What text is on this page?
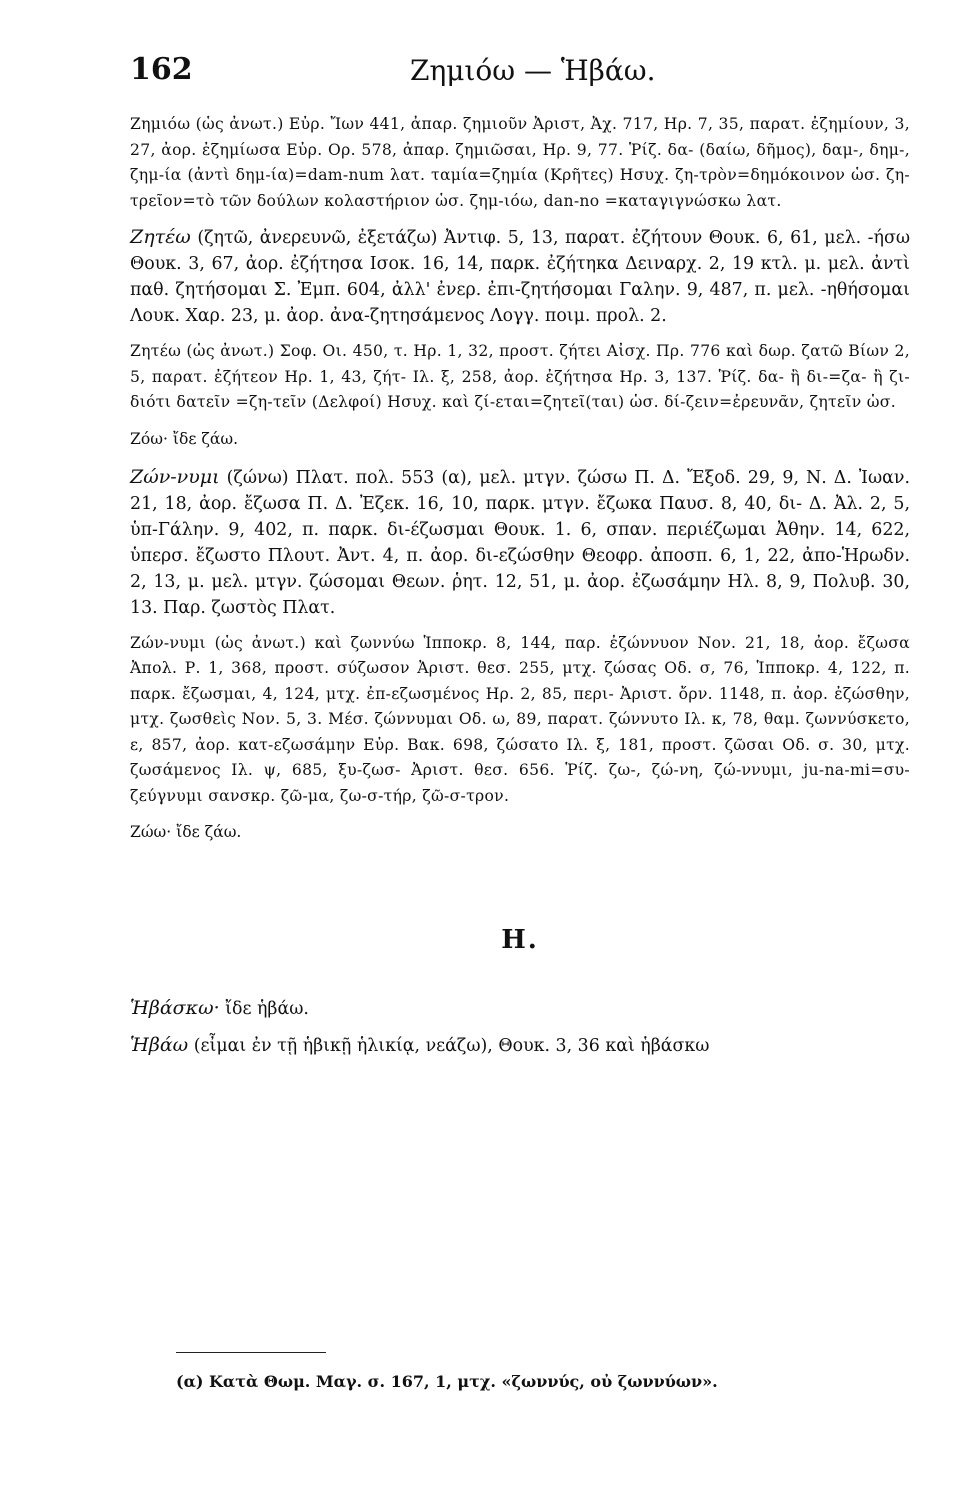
162	Ζημιόω — Ἡβάω.

Ζημιόω (ὡς ἀνωτ.) Εὐρ. Ἴων 441, ἀπαρ. ζημιοῦν Ἀριστ, Ἀχ. 717, Ηρ. 7, 35, παρατ. ἐζημίουν, 3, 27, ἀορ. ἐζημίωσα Εὐρ. Ορ. 578, ἀπαρ. ζημιῶσαι, Ηρ. 9, 77. Ῥίζ. δα- (δαίω, δῆμος), δαμ-, δημ-, ζημ-ία (ἀντὶ δημ-ία)=dam-num λατ. ταμία=ζημία (Κρῆτες) Ησυχ. ζη-τρὸν=δημόκοινον ὡσ. ζη-τρεῖον=τὸ τῶν δούλων κολαστήριον ὡσ. ζημ-ιόω, dan-no =καταγιγνώσκω λατ.

Ζητέω (ζητῶ, ἀνερευνῶ, ἐξετάζω) Ἀντιφ. 5, 13, παρατ. ἐζήτουν Θουκ. 6, 61, μελ. -ήσω Θουκ. 3, 67, ἀορ. ἐζήτησα Ισοκ. 16, 14, παρκ. ἐζήτηκα Δειναρχ. 2, 19 κτλ. μ. μελ. ἀντὶ παθ. ζητήσομαι Σ. Ἐμπ. 604, ἀλλ' ἐνερ. ἐπι-ζητήσομαι Γαλην. 9, 487, π. μελ. -ηθήσομαι Λουκ. Χαρ. 23, μ. ἀορ. ἀνα-ζητησάμενος Λογγ. ποιμ. προλ. 2.

Ζητέω (ὡς ἀνωτ.) Σοφ. Οι. 450, τ. Ηρ. 1, 32, προστ. ζήτει Αἰσχ. Πρ. 776 καὶ δωρ. ζατῶ Βίων 2, 5, παρατ. ἐζήτεον Ηρ. 1, 43, ζήτ- Ιλ. ξ, 258, ἀορ. ἐζήτησα Ηρ. 3, 137. Ῥίζ. δα- ἢ δι-=ζα- ἢ ζι- διότι δατεῖν =ζη-τεῖν (Δελφοί) Ησυχ. καὶ ζί-εται=ζητεῖ(ται) ὡσ. δί-ζειν=ἐρευνᾶν, ζητεῖν ὡσ.

Ζόω· ἴδε ζάω.

Ζών-νυμι (ζώνω) Πλατ. πολ. 553 (α), μελ. μτγν. ζώσω Π. Δ. Ἔξοδ. 29, 9, Ν. Δ. Ἰωαν. 21, 18, ἀορ. ἔζωσα Π. Δ. Ἐζεκ. 16, 10, παρκ. μτγν. ἔζωκα Παυσ. 8, 40, δι- Δ. Ἀλ. 2, 5, ὑπ-Γάλην. 9, 402, π. παρκ. δι-έζωσμαι Θουκ. 1. 6, σπαν. περιέζωμαι Ἀθην. 14, 622, ὑπερσ. ἔζωστο Πλουτ. Ἀντ. 4, π. ἀορ. δι-εζώσθην Θεοφρ. ἀποσπ. 6, 1, 22, ἀπο-Ἡρωδν. 2, 13, μ. μελ. μτγν. ζώσομαι Θεων. ῥητ. 12, 51, μ. ἀορ. ἐζωσάμην Ηλ. 8, 9, Πολυβ. 30, 13. Παρ. ζωστὸς Πλατ.

Ζών-νυμι (ὡς ἀνωτ.) καὶ ζωννύω Ἱπποκρ. 8, 144, παρ. ἐζώννυον Νον. 21, 18, ἀορ. ἔζωσα Ἀπολ. Ρ. 1, 368, προστ. σύζωσον Ἀριστ. θεσ. 255, μτχ. ζώσας Οδ. σ, 76, Ἱπποκρ. 4, 122, π. παρκ. ἔζωσμαι, 4, 124, μτχ. ἐπ-εζωσμένος Ηρ. 2, 85, περι- Ἀριστ. ὄρν. 1148, π. ἀορ. ἐζώσθην, μτχ. ζωσθεὶς Νον. 5, 3. Μέσ. ζώννυμαι Οδ. ω, 89, παρατ. ζώννυτο Ιλ. κ, 78, θαμ. ζωννύσκετο, ε, 857, ἀορ. κατ-εζωσάμην Εὐρ. Βακ. 698, ζώσατο Ιλ. ξ, 181, προστ. ζῶσαι Οδ. σ. 30, μτχ. ζωσάμενος Ιλ. ψ, 685, ξυ-ζωσ- Ἀριστ. θεσ. 656. Ῥίζ. ζω-, ζώ-νη, ζώ-ννυμι, ju-na-mi=συ-ζεύγνυμι σανσκρ. ζῶ-μα, ζω-σ-τήρ, ζῶ-σ-τρον.

Ζώω· ἴδε ζάω.

Η.

Ἡβάσκω· ἴδε ἡβάω.

Ἡβάω (εἶμαι ἐν τῇ ἡβικῇ ἡλικίᾳ, νεάζω), Θουκ. 3, 36 καὶ ἡβάσκω

(α) Κατὰ Θωμ. Μαγ. σ. 167, 1, μτχ. «ζωννύς, οὐ ζωννύων».
